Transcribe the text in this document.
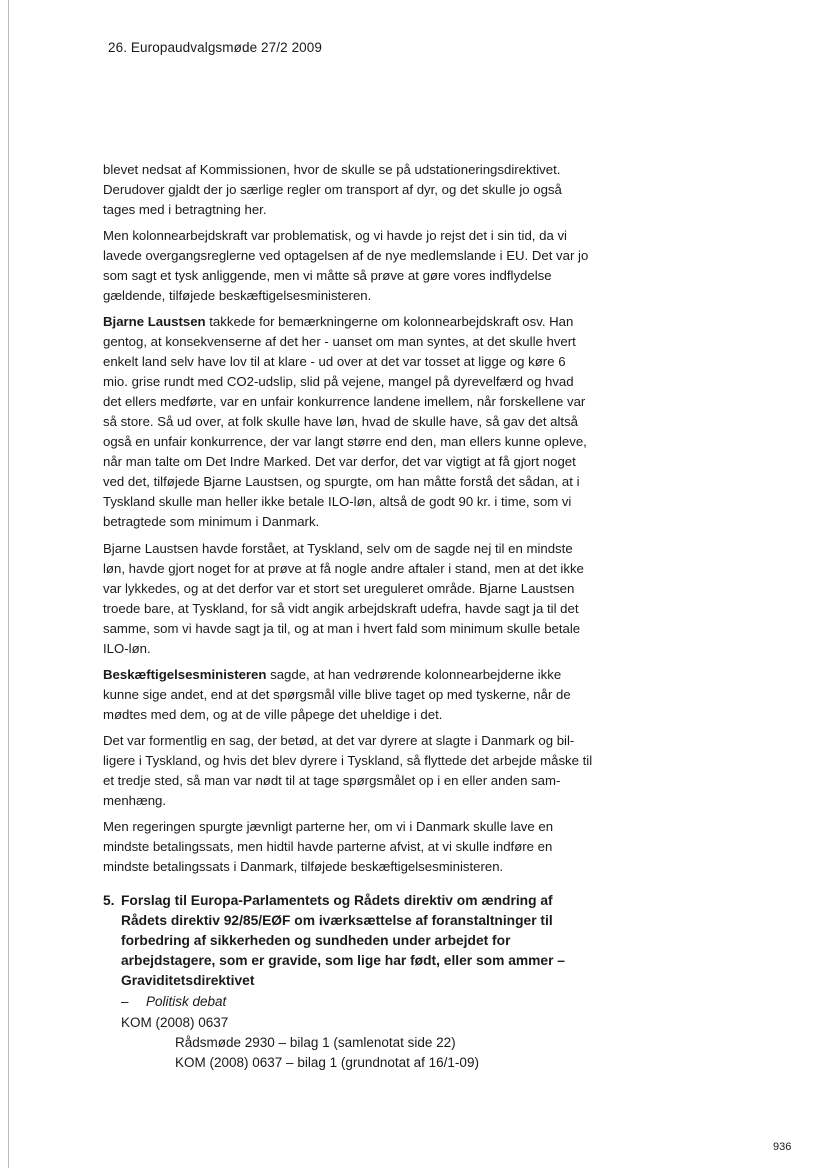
26. Europaudvalgsmøde 27/2 2009

blevet nedsat af Kommissionen, hvor de skulle se på udstationeringsdirektivet. Derudover gjaldt der jo særlige regler om transport af dyr, og det skulle jo også tages med i betragtning her.

Men kolonnearbejdskraft var problematisk, og vi havde jo rejst det i sin tid, da vi lavede overgangsreglerne ved optagelsen af de nye medlemslande i EU. Det var jo som sagt et tysk anliggende, men vi måtte så prøve at gøre vores indflydelse gældende, tilføjede beskæftigelsesministeren.

Bjarne Laustsen takkede for bemærkningerne om kolonnearbejdskraft osv. Han gentog, at konsekvenserne af det her - uanset om man syntes, at det skulle hvert enkelt land selv have lov til at klare - ud over at det var tosset at ligge og køre 6 mio. grise rundt med CO2-udslip, slid på vejene, mangel på dyrevelfærd og hvad det ellers medførte, var en unfair konkurrence landene imellem, når forskellene var så store. Så ud over, at folk skulle have løn, hvad de skulle have, så gav det altså også en unfair konkurrence, der var langt større end den, man ellers kunne opleve, når man talte om Det Indre Marked. Det var derfor, det var vigtigt at få gjort noget ved det, tilføjede Bjarne Laustsen, og spurgte, om han måtte forstå det sådan, at i Tyskland skulle man heller ikke betale ILO-løn, altså de godt 90 kr. i time, som vi betragtede som minimum i Danmark.

Bjarne Laustsen havde forstået, at Tyskland, selv om de sagde nej til en mindste løn, havde gjort noget for at prøve at få nogle andre aftaler i stand, men at det ikke var lykkedes, og at det derfor var et stort set ureguleret område. Bjarne Laustsen troede bare, at Tyskland, for så vidt angik arbejdskraft udefra, havde sagt ja til det samme, som vi havde sagt ja til, og at man i hvert fald som minimum skulle betale ILO-løn.

Beskæftigelsesministeren sagde, at han vedrørende kolonnearbejderne ikke kunne sige andet, end at det spørgsmål ville blive taget op med tyskerne, når de mødtes med dem, og at de ville påpege det uheldige i det.

Det var formentlig en sag, der betød, at det var dyrere at slagte i Danmark og billigere i Tyskland, og hvis det blev dyrere i Tyskland, så flyttede det arbejde måske til et tredje sted, så man var nødt til at tage spørgsmålet op i en eller anden sammenhæng.

Men regeringen spurgte jævnligt parterne her, om vi i Danmark skulle lave en mindste betalingssats, men hidtil havde parterne afvist, at vi skulle indføre en mindste betalingssats i Danmark, tilføjede beskæftigelsesministeren.

5. Forslag til Europa-Parlamentets og Rådets direktiv om ændring af Rådets direktiv 92/85/EØF om iværksættelse af foranstaltninger til forbedring af sikkerheden og sundheden under arbejdet for arbejdstagere, som er gravide, som lige har født, eller som ammer – Graviditetsdirektivet
– Politisk debat
KOM (2008) 0637
Rådsmøde 2930 – bilag 1 (samlenotat side 22)
KOM (2008) 0637 – bilag 1 (grundnotat af 16/1-09)
936
